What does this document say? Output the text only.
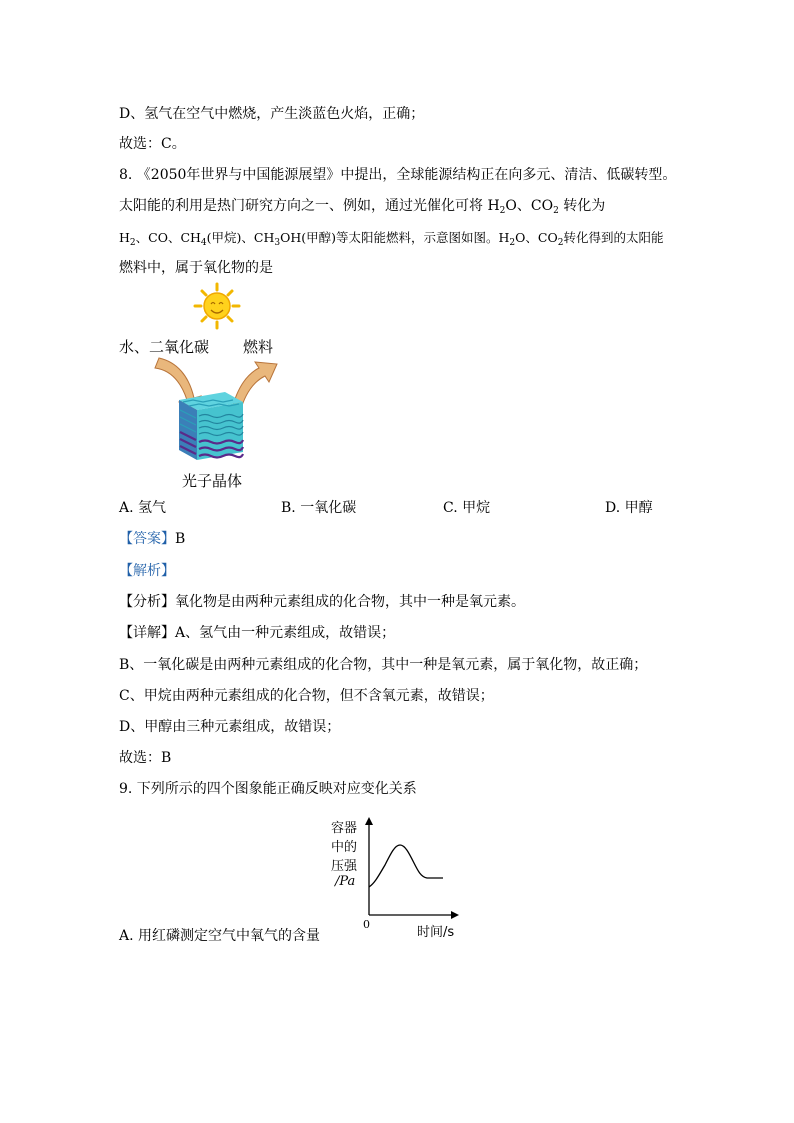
D、氢气在空气中燃烧，产生淡蓝色火焰，正确；
故选：C。
8. 《2050年世界与中国能源展望》中提出，全球能源结构正在向多元、清洁、低碳转型。
太阳能的利用是热门研究方向之一、例如，通过光催化可将 $H_2O$、$CO_2$ 转化为
$H_2$、CO、$CH_4$(甲烷)、$CH_3OH$(甲醇)等太阳能燃料，示意图如图。$H_2O$、$CO_2$转化得到的太阳能
燃料中，属于氧化物的是
水、二氧化碳 燃料
光子晶体
A. 氢气	B. 一氧化碳	C. 甲烷	D. 甲醇
【答案】B
【解析】
【分析】氧化物是由两种元素组成的化合物，其中一种是氧元素。
【详解】A、氢气由一种元素组成，故错误；
B、一氧化碳是由两种元素组成的化合物，其中一种是氧元素，属于氧化物，故正确；
C、甲烷由两种元素组成的化合物，但不含氧元素，故错误；
D、甲醇由三种元素组成，故错误；
故选：B
9. 下列所示的四个图象能正确反映对应变化关系
容器
中的
压强
/Pa
0
时间/s
A. 用红磷测定空气中氧气的含量
